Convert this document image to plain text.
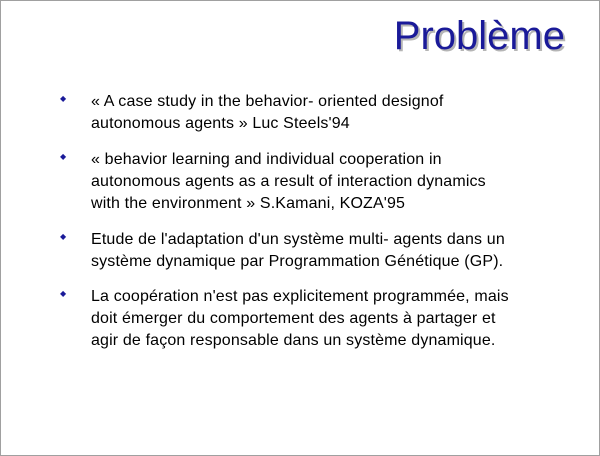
Problème
◆ « A case study in the behavior- oriented designof
autonomous agents » Luc Steels'94
◆ « behavior learning and individual cooperation in
autonomous agents as a result of interaction dynamics
with the environment » S.Kamani, KOZA'95
◆ Etude de l'adaptation d'un système multi- agents dans un
système dynamique par Programmation Génétique (GP).
◆ La coopération n'est pas explicitement programmée, mais
doit émerger du comportement des agents à partager et
agir de façon responsable dans un système dynamique.
